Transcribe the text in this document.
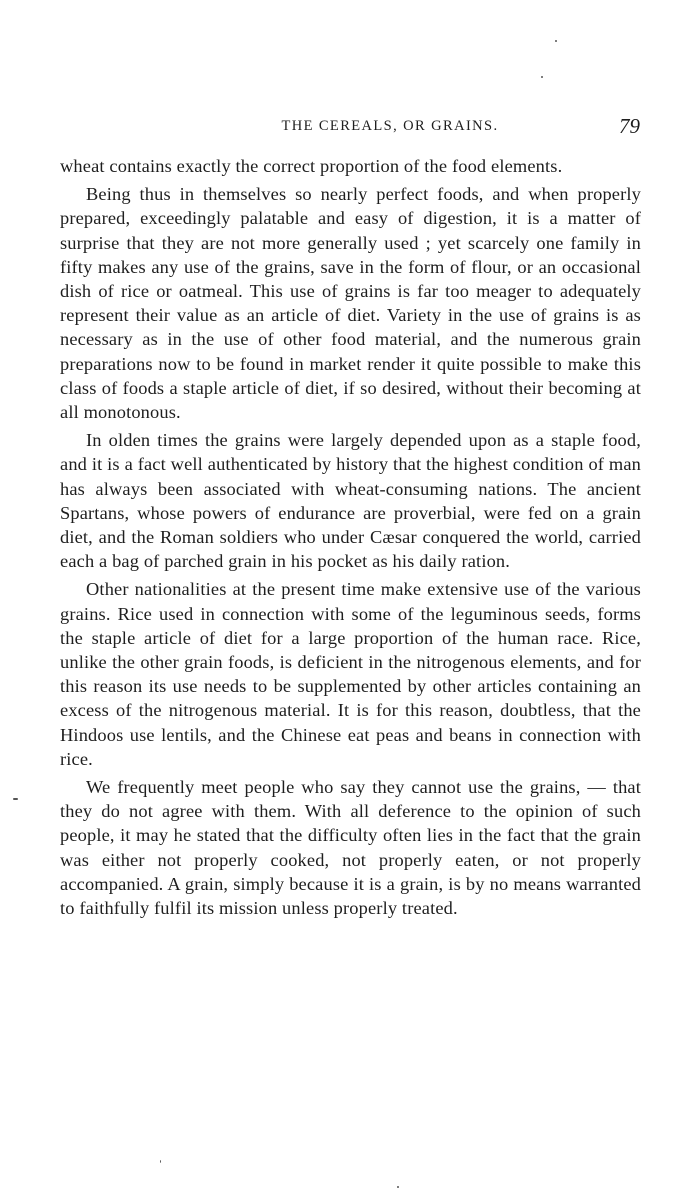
THE CEREALS, OR GRAINS.	79

wheat contains exactly the correct proportion of the food elements.

Being thus in themselves so nearly perfect foods, and when properly prepared, exceedingly palatable and easy of digestion, it is a matter of surprise that they are not more generally used ; yet scarcely one family in fifty makes any use of the grains, save in the form of flour, or an occasional dish of rice or oatmeal. This use of grains is far too meager to adequately represent their value as an article of diet. Variety in the use of grains is as necessary as in the use of other food material, and the numerous grain preparations now to be found in market render it quite possible to make this class of foods a staple article of diet, if so desired, without their becoming at all monotonous.

In olden times the grains were largely depended upon as a staple food, and it is a fact well authenticated by history that the highest condition of man has always been associated with wheat-consuming nations. The ancient Spartans, whose powers of endurance are proverbial, were fed on a grain diet, and the Roman soldiers who under Cæsar conquered the world, carried each a bag of parched grain in his pocket as his daily ration.

Other nationalities at the present time make extensive use of the various grains. Rice used in connection with some of the leguminous seeds, forms the staple article of diet for a large proportion of the human race. Rice, unlike the other grain foods, is deficient in the nitrogenous elements, and for this reason its use needs to be supplemented by other articles containing an excess of the nitrogenous material. It is for this reason, doubtless, that the Hindoos use lentils, and the Chinese eat peas and beans in connection with rice.

We frequently meet people who say they cannot use the grains, — that they do not agree with them. With all deference to the opinion of such people, it may he stated that the difficulty often lies in the fact that the grain was either not properly cooked, not properly eaten, or not properly accompanied. A grain, simply because it is a grain, is by no means warranted to faithfully fulfil its mission unless properly treated.
